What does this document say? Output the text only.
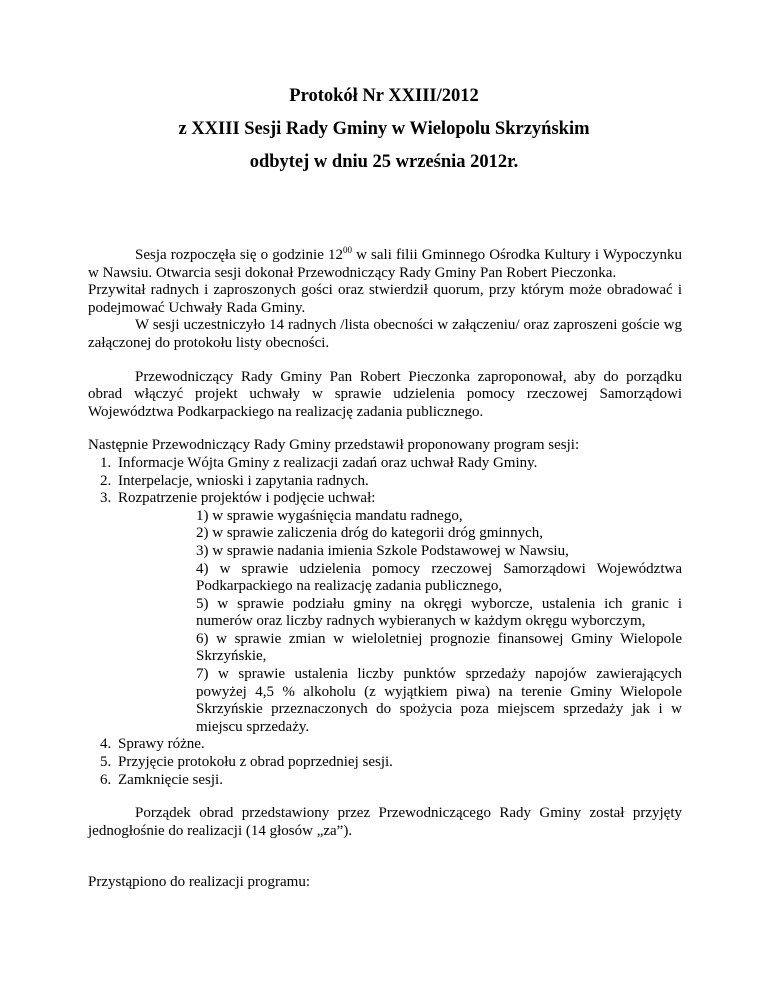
Protokół Nr XXIII/2012
z XXIII Sesji Rady Gminy w Wielopolu Skrzyńskim
odbytej w dniu 25 września 2012r.

Sesja rozpoczęła się o godzinie $12^{00}$ w sali filii Gminnego Ośrodka Kultury i Wypoczynku w Nawsiu. Otwarcia sesji dokonał Przewodniczący Rady Gminy Pan Robert Pieczonka.

Przywitał radnych i zaproszonych gości oraz stwierdził quorum, przy którym może obradować i podejmować Uchwały Rada Gminy.

W sesji uczestniczyło 14 radnych /lista obecności w załączeniu/ oraz zaproszeni goście wg załączonej do protokołu listy obecności.

Przewodniczący Rady Gminy Pan Robert Pieczonka zaproponował, aby do porządku obrad włączyć projekt uchwały w sprawie udzielenia pomocy rzeczowej Samorządowi Województwa Podkarpackiego na realizację zadania publicznego.

Następnie Przewodniczący Rady Gminy przedstawił proponowany program sesji:

1. Informacje Wójta Gminy z realizacji zadań oraz uchwał Rady Gminy.
2. Interpelacje, wnioski i zapytania radnych.
3. Rozpatrzenie projektów i podjęcie uchwał:

1) w sprawie wygaśnięcia mandatu radnego,

2) w sprawie zaliczenia dróg do kategorii dróg gminnych,

3) w sprawie nadania imienia Szkole Podstawowej w Nawsiu,

4) w sprawie udzielenia pomocy rzeczowej Samorządowi Województwa Podkarpackiego na realizację zadania publicznego,

5) w sprawie podziału gminy na okręgi wyborcze, ustalenia ich granic i numerów oraz liczby radnych wybieranych w każdym okręgu wyborczym,

6) w sprawie zmian w wieloletniej prognozie finansowej Gminy Wielopole Skrzyńskie,

7) w sprawie ustalenia liczby punktów sprzedaży napojów zawierających powyżej 4,5 % alkoholu (z wyjątkiem piwa) na terenie Gminy Wielopole Skrzyńskie przeznaczonych do spożycia poza miejscem sprzedaży jak i w miejscu sprzedaży.

4. Sprawy różne.
5. Przyjęcie protokołu z obrad poprzedniej sesji.
6. Zamknięcie sesji.

Porządek obrad przedstawiony przez Przewodniczącego Rady Gminy został przyjęty jednogłośnie do realizacji (14 głosów „za”).

Przystąpiono do realizacji programu:
